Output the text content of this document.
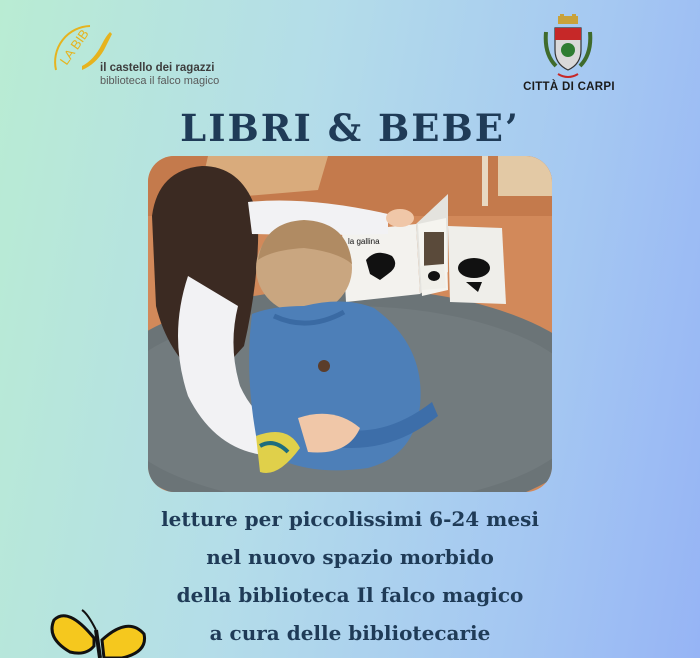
LA BIB
il castello dei ragazzi
biblioteca il falco magico	CITTÀ DI CARPI
LIBRI & BEBE’
la gallina
letture per piccolissimi 6-24 mesi
nel nuovo spazio morbido
della biblioteca Il falco magico
a cura delle bibliotecarie
